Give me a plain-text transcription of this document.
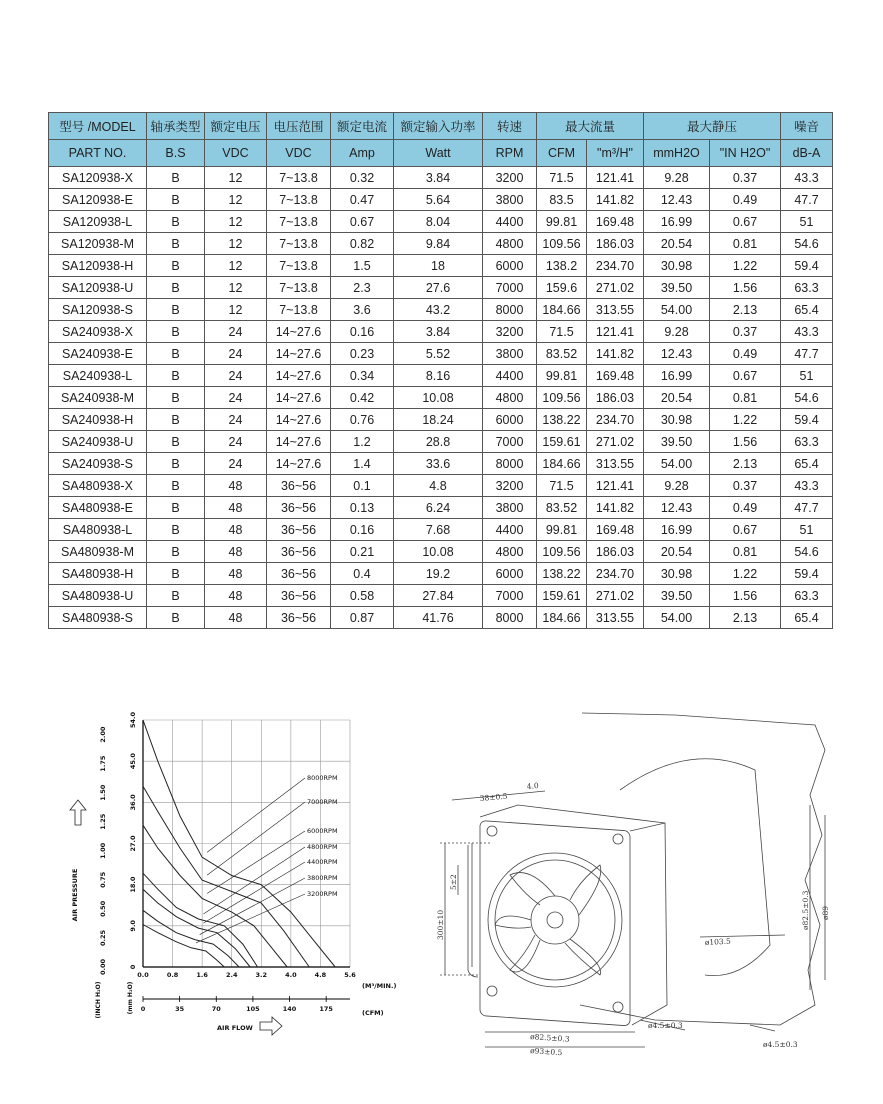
型号 /MODEL	轴承类型	额定电压	电压范围	额定电流	额定输入功率	转速	最大流量		最大静压		噪音
PART NO.	B.S	VDC	VDC	Amp	Watt	RPM	CFM	"m³/H"	mmH2O	"IN H2O"	dB-A
SA120938-X	B	12	7~13.8	0.32	3.84	3200	71.5	121.41	9.28	0.37	43.3
SA120938-E	B	12	7~13.8	0.47	5.64	3800	83.5	141.82	12.43	0.49	47.7
SA120938-L	B	12	7~13.8	0.67	8.04	4400	99.81	169.48	16.99	0.67	51
SA120938-M	B	12	7~13.8	0.82	9.84	4800	109.56	186.03	20.54	0.81	54.6
SA120938-H	B	12	7~13.8	1.5	18	6000	138.2	234.70	30.98	1.22	59.4
SA120938-U	B	12	7~13.8	2.3	27.6	7000	159.6	271.02	39.50	1.56	63.3
SA120938-S	B	12	7~13.8	3.6	43.2	8000	184.66	313.55	54.00	2.13	65.4
SA240938-X	B	24	14~27.6	0.16	3.84	3200	71.5	121.41	9.28	0.37	43.3
SA240938-E	B	24	14~27.6	0.23	5.52	3800	83.52	141.82	12.43	0.49	47.7
SA240938-L	B	24	14~27.6	0.34	8.16	4400	99.81	169.48	16.99	0.67	51
SA240938-M	B	24	14~27.6	0.42	10.08	4800	109.56	186.03	20.54	0.81	54.6
SA240938-H	B	24	14~27.6	0.76	18.24	6000	138.22	234.70	30.98	1.22	59.4
SA240938-U	B	24	14~27.6	1.2	28.8	7000	159.61	271.02	39.50	1.56	63.3
SA240938-S	B	24	14~27.6	1.4	33.6	8000	184.66	313.55	54.00	2.13	65.4
SA480938-X	B	48	36~56	0.1	4.8	3200	71.5	121.41	9.28	0.37	43.3
SA480938-E	B	48	36~56	0.13	6.24	3800	83.52	141.82	12.43	0.49	47.7
SA480938-L	B	48	36~56	0.16	7.68	4400	99.81	169.48	16.99	0.67	51
SA480938-M	B	48	36~56	0.21	10.08	4800	109.56	186.03	20.54	0.81	54.6
SA480938-H	B	48	36~56	0.4	19.2	6000	138.22	234.70	30.98	1.22	59.4
SA480938-U	B	48	36~56	0.58	27.84	7000	159.61	271.02	39.50	1.56	63.3
SA480938-S	B	48	36~56	0.87	41.76	8000	184.66	313.55	54.00	2.13	65.4
0.0	0.8	1.6	2.4	3.2	4.0	4.8	5.6
0
9.0
18.0
27.0
36.0
45.0
54.0
0.00
0.25
0.50
0.75
1.00
1.25
1.50
1.75
2.00
0	35	70	105	140	175
8000RPM
7000RPM
6000RPM
4800RPM
4400RPM
3800RPM
3200RPM
AIR PRESSURE
(INCH H₂O)	(mm H₂O)	(M³/MIN.)
(CFM)
AIR FLOW
38±0.5
4.0
5±2
300±10
ø103.5
ø82.5±0.3 ø89
ø82.5±0.3
ø93±0.5
ø4.5±0.3
ø4.5±0.3
